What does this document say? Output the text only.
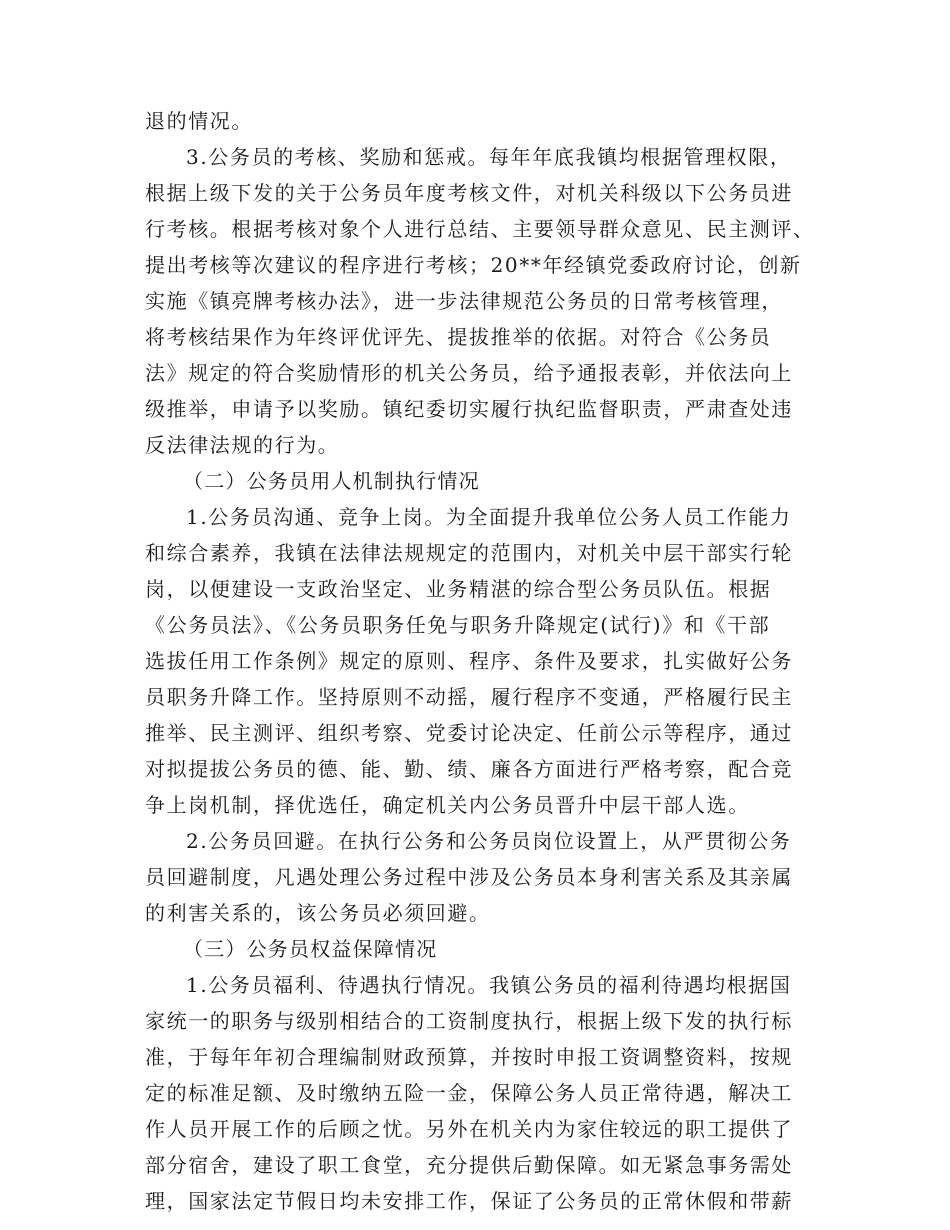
退的情况。
3.公务员的考核、奖励和惩戒。每年年底我镇均根据管理权限，
根据上级下发的关于公务员年度考核文件，对机关科级以下公务员进
行考核。根据考核对象个人进行总结、主要领导群众意见、民主测评、
提出考核等次建议的程序进行考核；20**年经镇党委政府讨论，创新
实施《镇亮牌考核办法》，进一步法律规范公务员的日常考核管理，
将考核结果作为年终评优评先、提拔推举的依据。对符合《公务员
法》规定的符合奖励情形的机关公务员，给予通报表彰，并依法向上
级推举，申请予以奖励。镇纪委切实履行执纪监督职责，严肃查处违
反法律法规的行为。
（二）公务员用人机制执行情况
1.公务员沟通、竞争上岗。为全面提升我单位公务人员工作能力
和综合素养，我镇在法律法规规定的范围内，对机关中层干部实行轮
岗，以便建设一支政治坚定、业务精湛的综合型公务员队伍。根据
《公务员法》、《公务员职务任免与职务升降规定(试行)》和《干部
选拔任用工作条例》规定的原则、程序、条件及要求，扎实做好公务
员职务升降工作。坚持原则不动摇，履行程序不变通，严格履行民主
推举、民主测评、组织考察、党委讨论决定、任前公示等程序，通过
对拟提拔公务员的德、能、勤、绩、廉各方面进行严格考察，配合竞
争上岗机制，择优选任，确定机关内公务员晋升中层干部人选。
2.公务员回避。在执行公务和公务员岗位设置上，从严贯彻公务
员回避制度，凡遇处理公务过程中涉及公务员本身利害关系及其亲属
的利害关系的，该公务员必须回避。
（三）公务员权益保障情况
1.公务员福利、待遇执行情况。我镇公务员的福利待遇均根据国
家统一的职务与级别相结合的工资制度执行，根据上级下发的执行标
准，于每年年初合理编制财政预算，并按时申报工资调整资料，按规
定的标准足额、及时缴纳五险一金，保障公务人员正常待遇，解决工
作人员开展工作的后顾之忧。另外在机关内为家住较远的职工提供了
部分宿舍，建设了职工食堂，充分提供后勤保障。如无紧急事务需处
理，国家法定节假日均未安排工作，保证了公务员的正常休假和带薪
